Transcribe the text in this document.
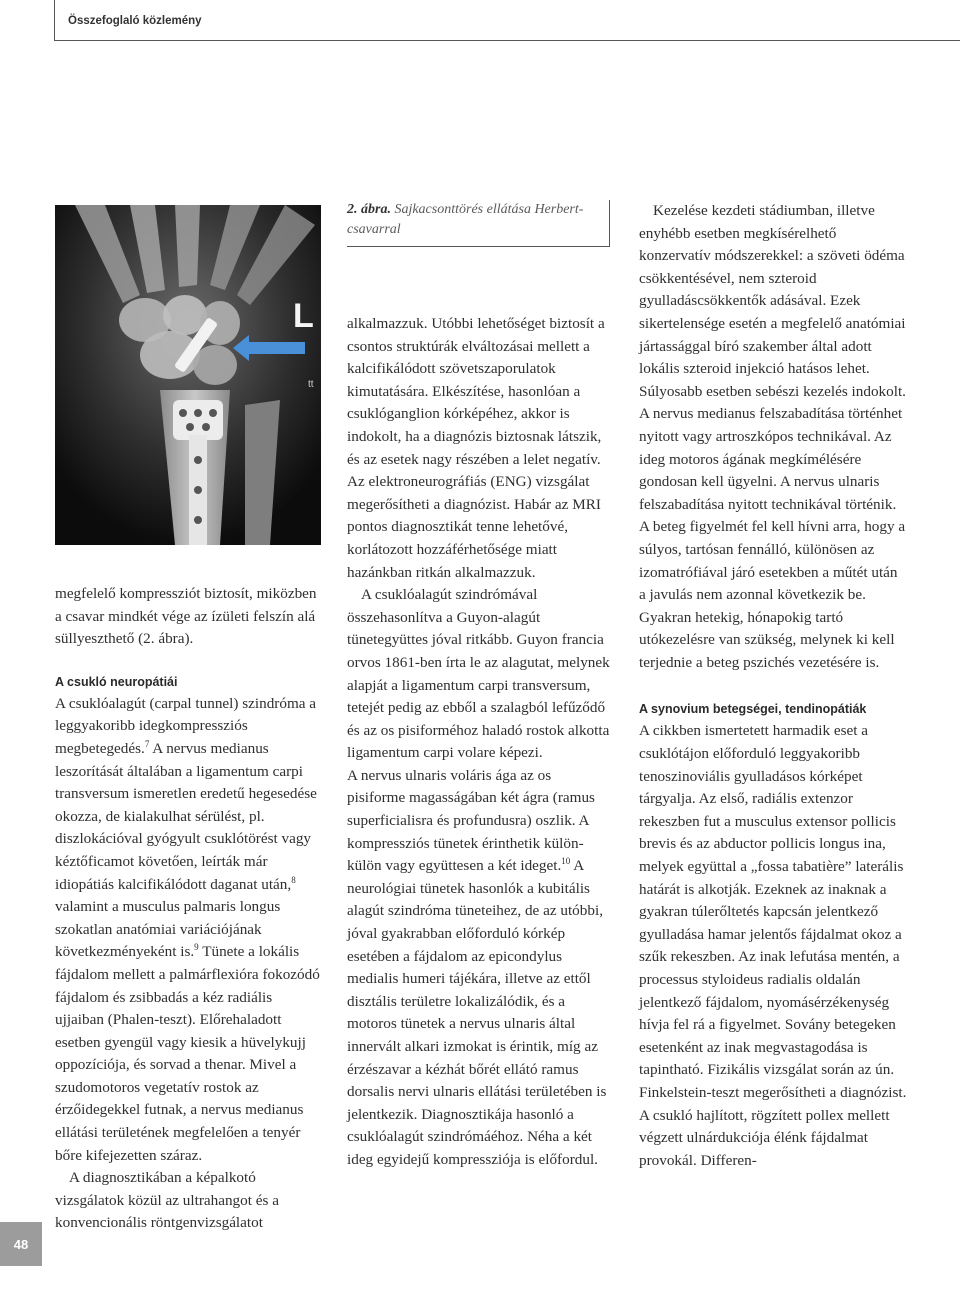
Összefoglaló közlemény
48
L
tt
2. ábra. Sajkacsonttörés ellátása Herbert-csavarral

megfelelő kompressziót biztosít, miközben a csavar mindkét vége az ízületi felszín alá süllyeszthető (2. ábra).

A csukló neuropátiái

A csuklóalagút (carpal tunnel) szindróma a leggyakoribb idegkompressziós megbetegedés.$^7$ A nervus medianus leszorítását általában a ligamentum carpi transversum ismeretlen eredetű hegesedése okozza, de kialakulhat sérülést, pl. diszlokációval gyógyult csuklótörést vagy kéztőficamot követően, leírták már idiopátiás kalcifikálódott daganat után,$^8$ valamint a musculus palmaris longus szokatlan anatómiai variációjának következményeként is.$^9$ Tünete a lokális fájdalom mellett a palmárflexióra fokozódó fájdalom és zsibbadás a kéz radiális ujjaiban (Phalen-teszt). Előrehaladott esetben gyengül vagy kiesik a hüvelykujj oppozíciója, és sorvad a thenar. Mivel a szudomotoros vegetatív rostok az érzőidegekkel futnak, a nervus medianus ellátási területének megfelelően a tenyér bőre kifejezetten száraz.

A diagnosztikában a képalkotó vizsgálatok közül az ultrahangot és a konvencionális röntgenvizsgálatot

alkalmazzuk. Utóbbi lehetőséget biztosít a csontos struktúrák elváltozásai mellett a kalcifikálódott szövetszaporulatok kimutatására. Elkészítése, hasonlóan a csuklóganglion kórképéhez, akkor is indokolt, ha a diagnózis biztosnak látszik, és az esetek nagy részében a lelet negatív. Az elektroneurográfiás (ENG) vizsgálat megerősítheti a diagnózist. Habár az MRI pontos diagnosztikát tenne lehetővé, korlátozott hozzáférhetősége miatt hazánkban ritkán alkalmazzuk.

A csuklóalagút szindrómával összehasonlítva a Guyon-alagút tünetegyüttes jóval ritkább. Guyon francia orvos 1861-ben írta le az alagutat, melynek alapját a ligamentum carpi transversum, tetejét pedig az ebből a szalagból lefűződő és az os pisiforméhoz haladó rostok alkotta ligamentum carpi volare képezi.

A nervus ulnaris voláris ága az os pisiforme magasságában két ágra (ramus superficialisra és profundusra) oszlik. A kompressziós tünetek érinthetik külön-külön vagy együttesen a két ideget.$^{10}$ A neurológiai tünetek hasonlók a kubitális alagút szindróma tüneteihez, de az utóbbi, jóval gyakrabban előforduló kórkép esetében a fájdalom az epicondylus medialis humeri tájékára, illetve az ettől disztális területre lokalizálódik, és a motoros tünetek a nervus ulnaris által innervált alkari izmokat is érintik, míg az érzészavar a kézhát bőrét ellátó ramus dorsalis nervi ulnaris ellátási területében is jelentkezik. Diagnosztikája hasonló a csuklóalagút szindrómáéhoz. Néha a két ideg egyidejű kompressziója is előfordul.

Kezelése kezdeti stádiumban, illetve enyhébb esetben megkísérelhető konzervatív módszerekkel: a szöveti ödéma csökkentésével, nem szteroid gyulladáscsökkentők adásával. Ezek sikertelensége esetén a megfelelő anatómiai jártassággal bíró szakember által adott lokális szteroid injekció hatásos lehet. Súlyosabb esetben sebészi kezelés indokolt. A nervus medianus felszabadítása történhet nyitott vagy artroszkópos technikával. Az ideg motoros ágának megkímélésére gondosan kell ügyelni. A nervus ulnaris felszabadítása nyitott technikával történik. A beteg figyelmét fel kell hívni arra, hogy a súlyos, tartósan fennálló, különösen az izomatrófiával járó esetekben a műtét után a javulás nem azonnal következik be. Gyakran hetekig, hónapokig tartó utókezelésre van szükség, melynek ki kell terjednie a beteg pszichés vezetésére is.

A synovium betegségei, tendinopátiák

A cikkben ismertetett harmadik eset a csuklótájon előforduló leggyakoribb tenoszinoviális gyulladásos kórképet tárgyalja. Az első, radiális extenzor rekeszben fut a musculus extensor pollicis brevis és az abductor pollicis longus ina, melyek együttal a „fossa tabatière” laterális határát is alkotják. Ezeknek az inaknak a gyakran túlerőltetés kapcsán jelentkező gyulladása hamar jelentős fájdalmat okoz a szűk rekeszben. Az inak lefutása mentén, a processus styloideus radialis oldalán jelentkező fájdalom, nyomásérzékenység hívja fel rá a figyelmet. Sovány betegeken esetenként az inak megvastagodása is tapintható. Fizikális vizsgálat során az ún. Finkelstein-teszt megerősítheti a diagnózist. A csukló hajlított, rögzített pollex mellett végzett ulnárdukciója élénk fájdalmat provokál. Differen-
